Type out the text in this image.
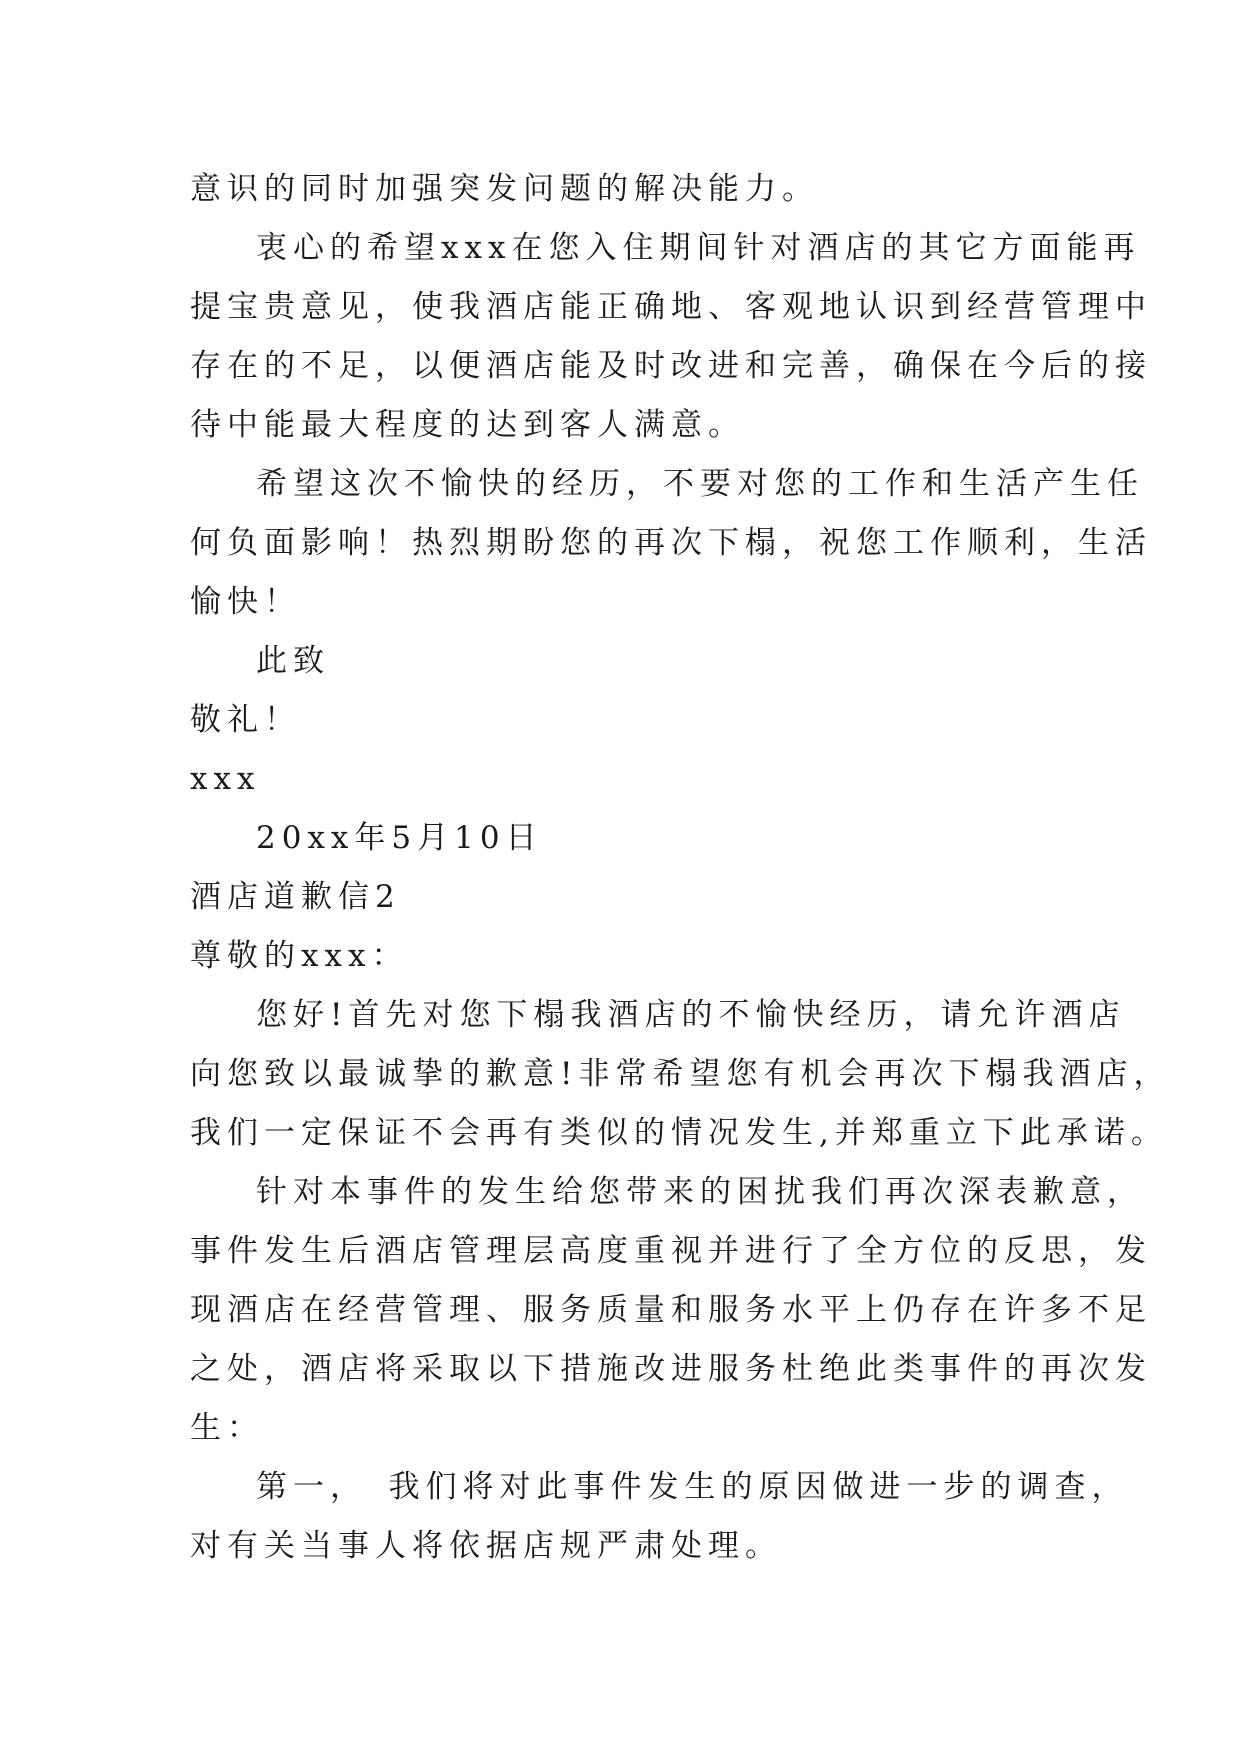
意识的同时加强突发问题的解决能力。
衷心的希望xxx在您入住期间针对酒店的其它方面能再
提宝贵意见，使我酒店能正确地、客观地认识到经营管理中
存在的不足，以便酒店能及时改进和完善，确保在今后的接
待中能最大程度的达到客人满意。
希望这次不愉快的经历，不要对您的工作和生活产生任
何负面影响！热烈期盼您的再次下榻，祝您工作顺利，生活
愉快！
此致
敬礼！
xxx
20xx年5月10日
酒店道歉信2
尊敬的xxx：
您好!首先对您下榻我酒店的不愉快经历，请允许酒店
向您致以最诚挚的歉意!非常希望您有机会再次下榻我酒店，
我们一定保证不会再有类似的情况发生,并郑重立下此承诺。
针对本事件的发生给您带来的困扰我们再次深表歉意，
事件发生后酒店管理层高度重视并进行了全方位的反思，发
现酒店在经营管理、服务质量和服务水平上仍存在许多不足
之处，酒店将采取以下措施改进服务杜绝此类事件的再次发
生：
第一，　我们将对此事件发生的原因做进一步的调查，
对有关当事人将依据店规严肃处理。
